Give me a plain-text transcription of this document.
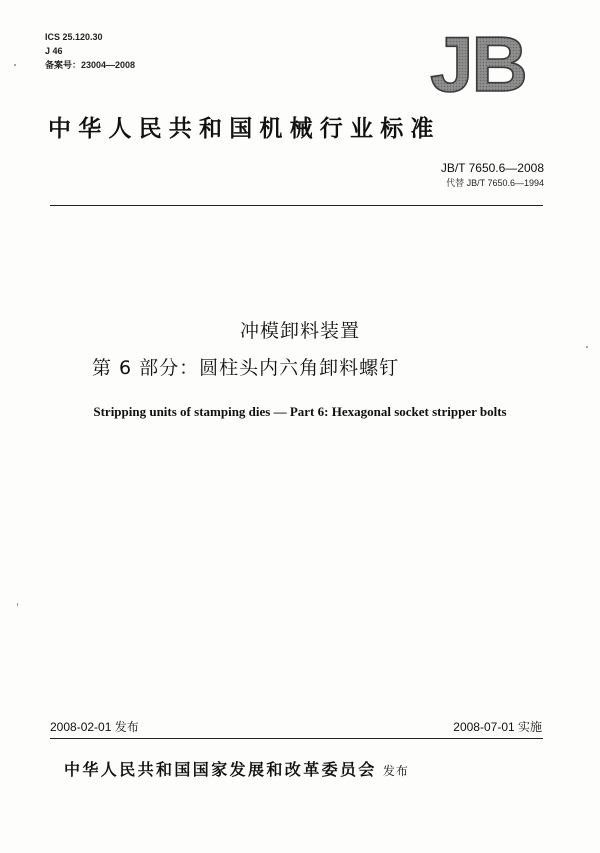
ICS 25.120.30
J 46
备案号：23004—2008	JB
中华人民共和国机械行业标准
JB/T 7650.6—2008
代替 JB/T 7650.6—1994
冲模卸料装置
第 6 部分：圆柱头内六角卸料螺钉
Stripping units of stamping dies — Part 6: Hexagonal socket stripper bolts
2008-02-01 发布	2008-07-01 实施
中华人民共和国国家发展和改革委员会 发布
